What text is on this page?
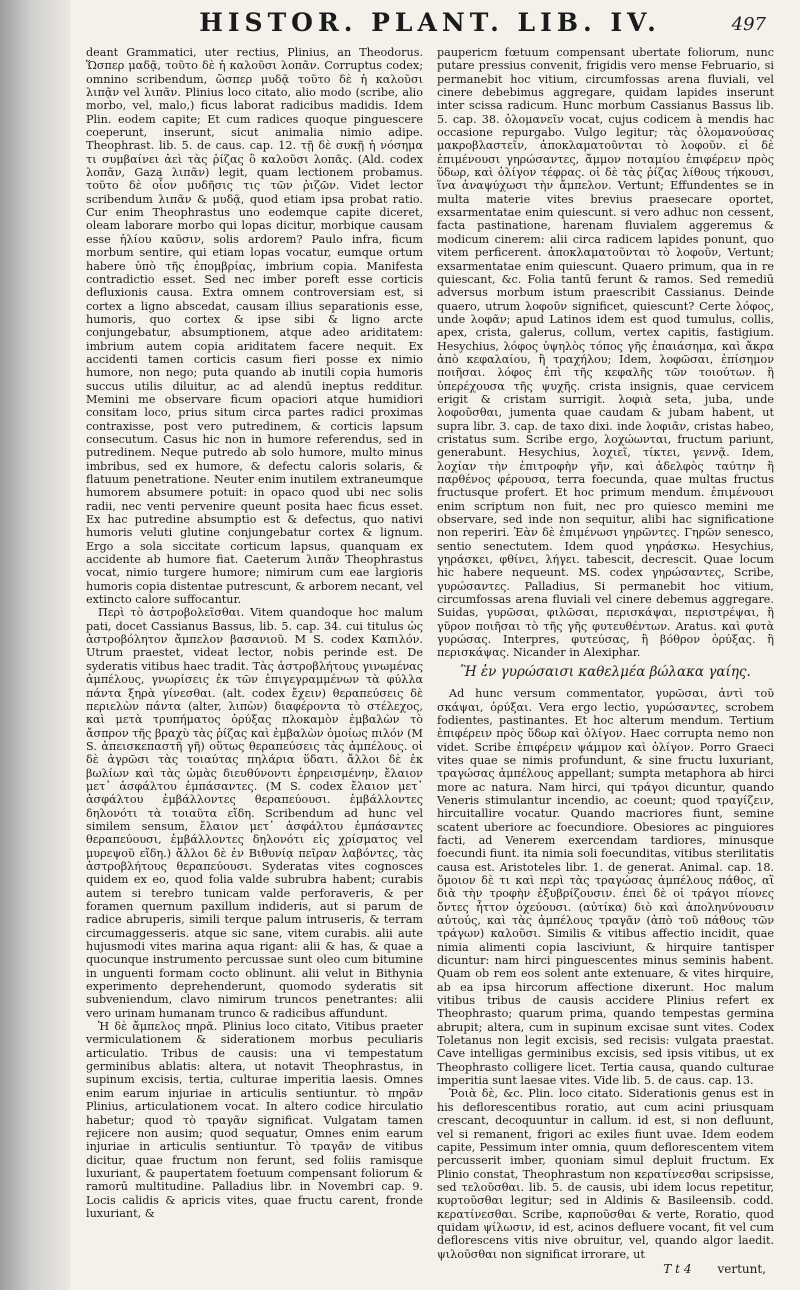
HISTOR. PLANT. LIB. IV.	497

deant Grammatici, uter rectius, Plinius, an Theodorus. Ὥσπερ μαδᾷ, τοῦτο δὲ ἡ καλοῦσι λοπᾶν. Corruptus codex; omnino scribendum, ὥσπερ μυδᾷ τοῦτο δὲ ἡ καλοῦσι λιπᾷν vel λιπᾶν. Plinius loco citato, alio modo (scribe, alio morbo, vel, malo,) ficus laborat radicibus madidis. Idem Plin. eodem capite; Et cum radices quoque pinguescere coeperunt, inserunt, sicut animalia nimio adipe. Theophrast. lib. 5. de caus. cap. 12. τῇ δὲ συκῇ ἡ νόσημα τι συμβαίνει ἀεὶ τὰς ῥίζας ὃ καλοῦσι λοπᾶς. (Ald. codex λοπᾶν, Gaza λιπᾶν) legit, quam lectionem probamus. τοῦτο δὲ οἷον μυδῆσις τις τῶν ῥιζῶν. Videt lector scribendum λιπᾶν & μυδᾷ, quod etiam ipsa probat ratio. Cur enim Theophrastus uno eodemque capite diceret, oleam laborare morbo qui lopas dicitur, morbique causam esse ἡλίου καῦσιν, solis ardorem? Paulo infra, ficum morbum sentire, qui etiam lopas vocatur, eumque ortum habere ὑπὸ τῆς ἐπομβρίας, imbrium copia. Manifesta contradictio esset. Sed nec imber poreft esse corticis defluxionis causa. Extra omnem controversiam est, si cortex a ligno abscedat, causam illius separationis esse, humoris, quo cortex & ipse sibi & ligno arcte conjungebatur, absumptionem, atque adeo ariditatem: imbrium autem copia ariditatem facere nequit. Ex accidenti tamen corticis casum fieri posse ex nimio humore, non nego; puta quando ab inutili copia humoris succus utilis diluitur, ac ad alendū ineptus redditur. Memini me observare ficum opaciori atque humidiori consitam loco, prius situm circa partes radici proximas contraxisse, post vero putredinem, & corticis lapsum consecutum. Casus hic non in humore referendus, sed in putredinem. Neque putredo ab solo humore, multo minus imbribus, sed ex humore, & defectu caloris solaris, & flatuum penetratione. Neuter enim inutilem extraneumque humorem absumere potuit: in opaco quod ubi nec solis radii, nec venti pervenire queunt posita haec ficus esset. Ex hac putredine absumptio est & defectus, quo nativi humoris veluti glutine conjungebatur cortex & lignum. Ergo a sola siccitate corticum lapsus, quanquam ex accidente ab humore fiat. Caeterum λιπᾶν Theophrastus vocat, nimio turgere humore; nimirum cum eae largioris humoris copia distentae putrescunt, & arborem necant, vel extincto calore suffocantur.

Περὶ τὸ ἀστροβολεῖσθαι. Vitem quandoque hoc malum pati, docet Cassianus Bassus, lib. 5. cap. 34. cui titulus ὡς ἀστροβόλητον ἄμπελον βασανιοῦ. M S. codex Καπιλόν. Utrum praestet, videat lector, nobis perinde est. De syderatis vitibus haec tradit. Τὰς ἀστροβλήτους γινωμένας ἀμπέλους, γνωρίσεις ἐκ τῶν ἐπιγεγραμμένων τὰ φύλλα πάντα ξηρὰ γίνεσθαι. (alt. codex ἔχειν) θεραπεύσεις δὲ περιελὼν πάντα (alter, λιπὼν) διαφέροντα τὸ στέλεχος, καὶ μετὰ τρυπήματος ὀρύξας πλοκαμὸν ἐμβαλὼν τὸ ἄσπρον τῆς βραχὺ τὰς ῥίζας καὶ ἐμβαλὼν ὁμοίως πιλόν (M S. ἀπεισκεπαστῆ γῆ) οὕτως θεραπεύσεις τὰς ἀμπέλους. οἱ δὲ ἀγρῶσι τὰς τοιαύτας πηλάρια ὕδατι. ἄλλοι δὲ ἐκ βωλίων καὶ τὰς ὠμὰς διευθύνοντι ἐρηρεισμένην, ἔλαιον μετ᾽ ἀσφάλτου ἐμπάσαντες. (M S. codex ἔλαιον μετ᾽ ἀσφάλτου ἐμβάλλοντες θεραπεύουσι. ἐμβάλλοντες δηλονότι τὰ τοιαῦτα εἴδη. Scribendum ad hunc vel similem sensum, ἔλαιον μετ᾽ ἀσφάλτου ἐμπάσαντες θεραπεύουσι, ἐμβάλλοντες δηλονότι εἰς χρίσματος vel μυρεψοῦ εἴδη.) ἄλλοι δὲ ἐν Βιθυνίᾳ πεῖραν λαβόντες, τὰς ἀστροβλήτους θεραπεύουσι. Syderatas vites cognosces quidem ex eo, quod folia valde subrubra habent; curabis autem si terebro tunicam valde perforaveris, & per foramen quernum paxillum indideris, aut si parum de radice abruperis, simili terque palum intruseris, & terram circumaggesseris. atque sic sane, vitem curabis. alii aute hujusmodi vites marina aqua rigant: alii & has, & quae a quocunque instrumento percussae sunt oleo cum bitumine in unguenti formam cocto oblinunt. alii velut in Bithynia experimento deprehenderunt, quomodo syderatis sit subveniendum, clavo nimirum truncos penetrantes: alii vero urinam humanam trunco & radicibus affundunt.

Ἡ δὲ ἄμπελος πηρᾶ. Plinius loco citato, Vitibus praeter vermiculationem & siderationem morbus peculiaris articulatio. Tribus de causis: una vi tempestatum germinibus ablatis: altera, ut notavit Theophrastus, in supinum excisis, tertia, culturae imperitia laesis. Omnes enim earum injuriae in articulis sentiuntur. τὸ πηρᾶν Plinius, articulationem vocat. In altero codice hirculatio habetur; quod τὸ τραγᾶν significat. Vulgatam tamen rejicere non ausim; quod sequatur, Omnes enim earum injuriae in articulis sentiuntur. Τὸ τραγᾶν de vitibus dicitur, quae fructum non ferunt, sed foliis ramisque luxuriant, & paupertatem foetuum compensant foliorum & ramorū multitudine. Palladius libr. in Novembri cap. 9. Locis calidis & apricis vites, quae fructu carent, fronde luxuriant, &

paupericm fœtuum compensant ubertate foliorum, nunc putare pressius convenit, frigidis vero mense Februario, si permanebit hoc vitium, circumfossas arena fluviali, vel cinere debebimus aggregare, quidam lapides inserunt inter scissa radicum. Hunc morbum Cassianus Bassus lib. 5. cap. 38. ὀλομανεῖν vocat, cujus codicem à mendis hac occasione repurgabo. Vulgo legitur; τὰς ὀλομανούσας μακροβλαστεῖν, ἀποκλαματοῦνται τὸ λοφοῦν. εἰ δὲ ἐπιμένουσι γηρώσαντες, ἄμμον ποταμίου ἐπιφέρειν πρὸς ὕδωρ, καὶ ὀλίγον τέφρας. οἱ δὲ τὰς ῥίζας λίθους τήκουσι, ἵνα ἀναψύχωσι τὴν ἄμπελον. Vertunt; Effundentes se in multa materie vites brevius praesecare oportet, exsarmentatae enim quiescunt. si vero adhuc non cessent, facta pastinatione, harenam fluvialem aggeremus & modicum cinerem: alii circa radicem lapides ponunt, quo vitem perficerent. ἀποκλαματοῦνται τὸ λοφοῦν, Vertunt; exsarmentatae enim quiescunt. Quaero primum, qua in re quiescant, &c. Folia tantū ferunt & ramos. Sed remediū adversus morbum istum praescribit Cassianus. Deinde quaero, utrum λοφοῦν significet, quiescunt? Certe λόφος, unde λοφᾶν; apud Latinos idem est quod tumulus, collis, apex, crista, galerus, collum, vertex capitis, fastigium. Hesychius, λόφος ὑψηλὸς τόπος γῆς ἐπαιάσημα, καὶ ἄκρα ἀπὸ κεφαλαίου, ἢ τραχήλου; Idem, λοφῶσαι, ἐπίσημον ποιῆσαι. λόφος ἐπὶ τῆς κεφαλῆς τῶν τοιούτων. ἢ ὑπερέχουσα τῆς ψυχῆς. crista insignis, quae cervicem erigit & cristam surrigit. λοφιὰ seta, juba, unde λοφοῦσθαι, jumenta quae caudam & jubam habent, ut supra libr. 3. cap. de taxo dixi. inde λοφιᾶν, cristas habeo, cristatus sum. Scribe ergo, λοχώωνται, fructum pariunt, generabunt. Hesychius, λοχιεῖ, τίκτει, γεννᾷ. Idem, λοχίαν τὴν ἐπιτροφὴν γῆν, καὶ ἀδελφὸς ταύτην ἢ παρθένος φέρουσα, terra foecunda, quae multas fructus fructusque profert. Et hoc primum mendum. ἐπιμένουσι enim scriptum non fuit, nec pro quiesco memini me observare, sed inde non sequitur, alibi hac significatione non reperiri. Ἐὰν δὲ ἐπιμένωσι γηρῶντες. Γηρῶν senesco, sentio senectutem. Idem quod γηράσκω. Hesychius, γηράσκει, φθίνει, λήγει. tabescit, decrescit. Quae locum hic habere nequeunt. MS. codex γηρώσαντες, Scribe, γυρώσαντες. Palladius, Si permanebit hoc vitium, circumfossas arena fluviali vel cinere debemus aggregare. Suidas, γυρῶσαι, φιλῶσαι, περισκάψαι, περιστρέψαι, ἢ γῦρον ποιῆσαι τὸ τῆς γῆς φυτευθέντων. Aratus. καὶ φυτὰ γυρώσας. Interpres, φυτεύσας, ἢ βόθρον ὀρύξας. ἢ περισκάψας. Nicander in Alexiphar.

Ἢ ἐν γυρώσαισι καθελμέα βώλακα γαίης.

Ad hunc versum commentator, γυρῶσαι, ἀντὶ τοῦ σκάψαι, ὀρύξαι. Vera ergo lectio, γυρώσαντες, scrobem fodientes, pastinantes. Et hoc alterum mendum. Tertium ἐπιφέρειν πρὸς ὕδωρ καὶ ὀλίγον. Haec corrupta nemo non videt. Scribe ἐπιφέρειν ψάμμον καὶ ὀλίγον. Porro Graeci vites quae se nimis profundunt, & sine fructu luxuriant, τραγώσας ἀμπέλους appellant; sumpta metaphora ab hirci more ac natura. Nam hirci, qui τράγοι dicuntur, quando Veneris stimulantur incendio, ac coeunt; quod τραγίζειν, hircuitallire vocatur. Quando macriores fiunt, semine scatent uberiore ac foecundiore. Obesiores ac pinguiores facti, ad Venerem exercendam tardiores, minusque foecundi fiunt. ita nimia soli foecunditas, vitibus sterilitatis causa est. Aristoteles libr. 1. de generat. Animal. cap. 18. ὅμοιον δὲ τι καὶ περὶ τὰς τραγώσας ἀμπέλους πάθος, αἳ διὰ τὴν τροφὴν ἐξυβρίζουσιν. ἐπεὶ δὲ οἱ τράγοι πίονες ὄντες ἧττον ὀχεύουσι. (αὐτίκα) διὸ καὶ ἀποληνύνουσιν αὐτούς, καὶ τὰς ἀμπέλους τραγᾶν (ἀπὸ τοῦ πάθους τῶν τράγων) καλοῦσι. Similis & vitibus affectio incidit, quae nimia alimenti copia lasciviunt, & hirquire tantisper dicuntur: nam hirci pinguescentes minus seminis habent. Quam ob rem eos solent ante extenuare, & vites hirquire, ab ea ipsa hircorum affectione dixerunt. Hoc malum vitibus tribus de causis accidere Plinius refert ex Theophrasto; quarum prima, quando tempestas germina abrupit; altera, cum in supinum excisae sunt vites. Codex Toletanus non legit excisis, sed recisis: vulgata praestat. Cave intelligas germinibus excisis, sed ipsis vitibus, ut ex Theophrasto colligere licet. Tertia causa, quando culturae imperitia sunt laesae vites. Vide lib. 5. de caus. cap. 13.

Ῥοιὰ δὲ, &c. Plin. loco citato. Siderationis genus est in his deflorescentibus roratio, aut cum acini priusquam crescant, decoquuntur in callum. id est, si non defluunt, vel si remanent, frigori ac exiles fiunt uvae. Idem eodem capite, Pessimum inter omnia, quum deflorescentem vitem percusserit imber, quoniam simul depluit fructum. Ex Plinio constat, Theophrastum non κερατίνεσθαι scripsisse, sed τελοῦσθαι. lib. 5. de causis, ubi idem locus repetitur, κυρτοῦσθαι legitur; sed in Aldinis & Basileensib. codd. κερατίνεσθαι. Scribe, καρποῦσθαι & verte, Roratio, quod quidam ψίλωσιν, id est, acinos defluere vocant, fit vel cum deflorescens vitis nive obruitur, vel, quando algor laedit. ψιλοῦσθαι non significat irrorare, ut

T t 4 vertunt,
